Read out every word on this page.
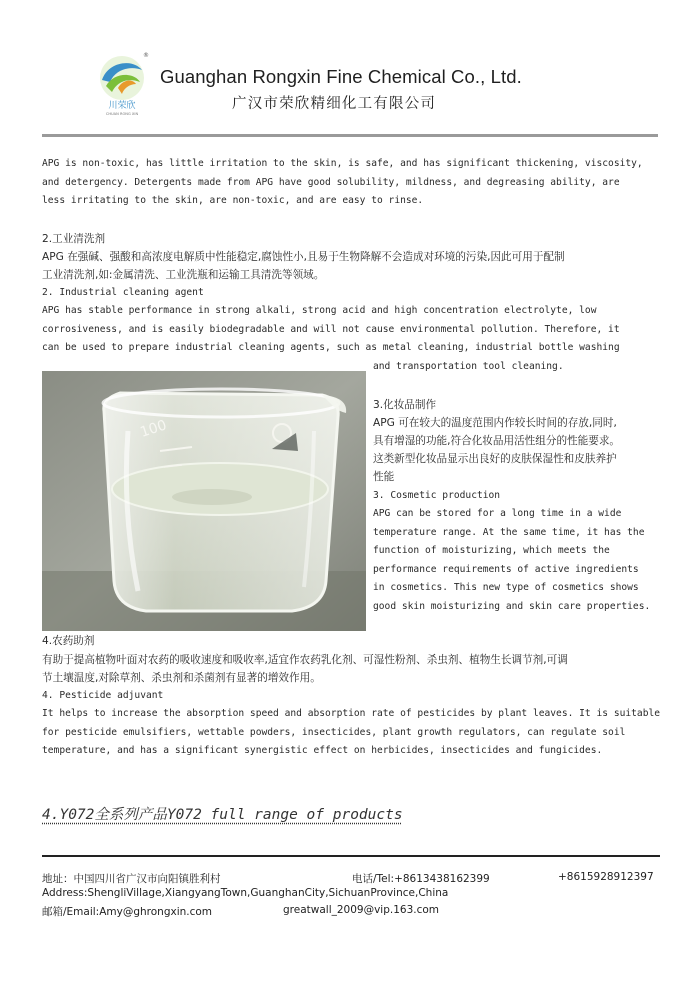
川荣欣
CHUAN RONG XIN
®
Guanghan Rongxin Fine Chemical Co., Ltd.
广汉市荣欣精细化工有限公司
APG is non-toxic, has little irritation to the skin, is safe, and has significant thickening, viscosity,
and detergency. Detergents made from APG have good solubility, mildness, and degreasing ability, are
less irritating to the skin, are non-toxic, and are easy to rinse.
2.工业清洗剂
APG 在强碱、强酸和高浓度电解质中性能稳定,腐蚀性小,且易于生物降解不会造成对环境的污染,因此可用于配制
工业清洗剂,如:金属清洗、工业洗瓶和运输工具清洗等领域。
2. Industrial cleaning agent
APG has stable performance in strong alkali, strong acid and high concentration electrolyte, low
corrosiveness, and is easily biodegradable and will not cause environmental pollution. Therefore, it
can be used to prepare industrial cleaning agents, such as metal cleaning, industrial bottle washing
and transportation tool cleaning.
100
3.化妆品制作
APG 可在较大的温度范围内作较长时间的存放,同时,
具有增湿的功能,符合化妆品用活性组分的性能要求。
这类新型化妆品显示出良好的皮肤保湿性和皮肤养护
性能
3. Cosmetic production
APG can be stored for a long time in a wide
temperature range. At the same time, it has the
function of moisturizing, which meets the
performance requirements of active ingredients
in cosmetics. This new type of cosmetics shows
good skin moisturizing and skin care properties.
4.农药助剂
有助于提高植物叶面对农药的吸收速度和吸收率,适宜作农药乳化剂、可湿性粉剂、杀虫剂、植物生长调节剂,可调
节土壤温度,对除草剂、杀虫剂和杀菌剂有显著的增效作用。
4. Pesticide adjuvant
It helps to increase the absorption speed and absorption rate of pesticides by plant leaves. It is suitable
for pesticide emulsifiers, wettable powders, insecticides, plant growth regulators, can regulate soil
temperature, and has a significant synergistic effect on herbicides, insecticides and fungicides.
4.Y072全系列产品Y072 full range of products
地址：中国四川省广汉市向阳镇胜利村	电话/Tel:+8613438162399	+8615928912397
Address:ShengliVillage,XiangyangTown,GuanghanCity,SichuanProvince,China
邮箱/Email:Amy@ghrongxin.com	greatwall_2009@vip.163.com
